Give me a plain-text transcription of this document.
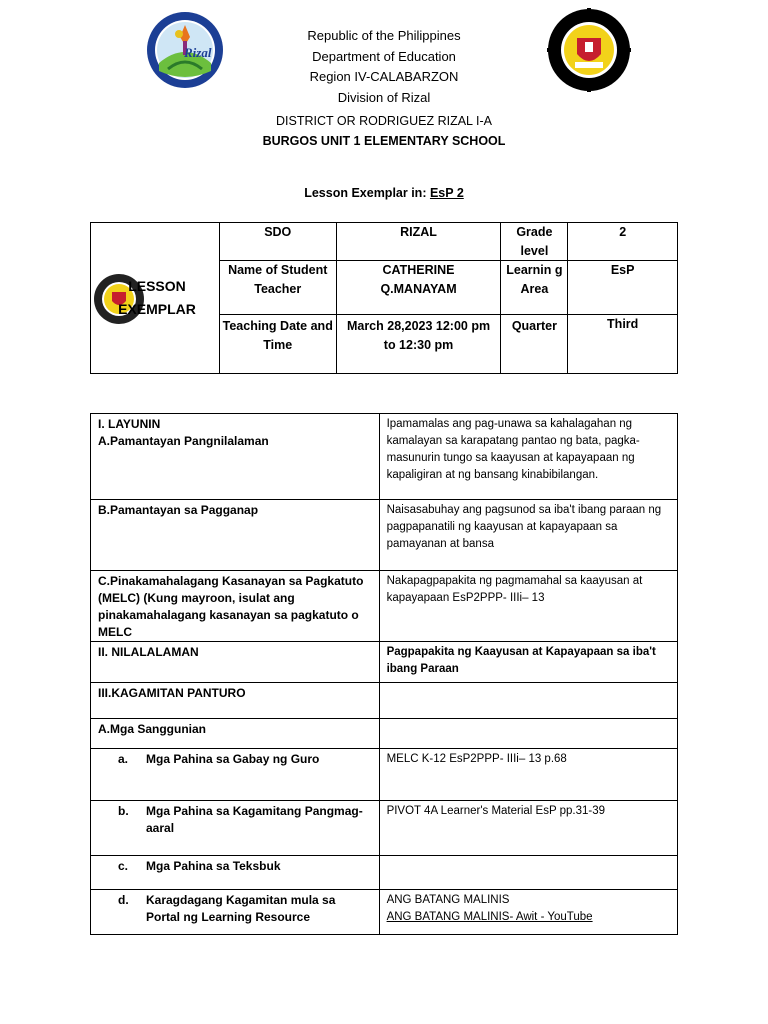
Rizal
Republic of the Philippines
Department of Education
Region IV-CALABARZON
Division of Rizal
DISTRICT OR RODRIGUEZ RIZAL I-A
BURGOS UNIT 1 ELEMENTARY SCHOOL
Lesson Exemplar in: EsP 2
LESSON EXEMPLAR	SDO	RIZAL	Grade level	2
	Name of Student Teacher	CATHERINE Q.MANAYAM	Learnin g Area	EsP
	Teaching Date and Time	March 28,2023 12:00 pm to 12:30 pm	Quarter	Third
I. LAYUNIN
A.Pamantayan Pangnilalaman	Ipamamalas ang pag-unawa sa kahalagahan ng kamalayan sa karapatang pantao ng bata, pagka-masunurin tungo sa kaayusan at kapayapaan ng kapaligiran at ng bansang kinabibilangan.
B.Pamantayan sa Pagganap	Naisasabuhay ang pagsunod sa iba't ibang paraan ng pagpapanatili ng kaayusan at kapayapaan sa pamayanan at bansa
C.Pinakamahalagang Kasanayan sa Pagkatuto (MELC) (Kung mayroon, isulat ang pinakamahalagang kasanayan sa pagkatuto o MELC	Nakapagpapakita ng pagmamahal sa kaayusan at kapayapaan EsP2PPP- IIIi– 13
II. NILALALAMAN	Pagpapakita ng Kaayusan at Kapayapaan sa iba't ibang Paraan
III.KAGAMITAN PANTURO	
A.Mga Sanggunian	

a. Mga Pahina sa Gabay ng Guro	MELC K-12 EsP2PPP- IIIi– 13 p.68

b. Mga Pahina sa Kagamitang Pangmag-aaral	PIVOT 4A Learner's Material EsP pp.31-39

c. Mga Pahina sa Teksbuk	

d. Karagdagang Kagamitan mula sa Portal ng Learning Resource	ANG BATANG MALINIS
ANG BATANG MALINIS- Awit - YouTube
